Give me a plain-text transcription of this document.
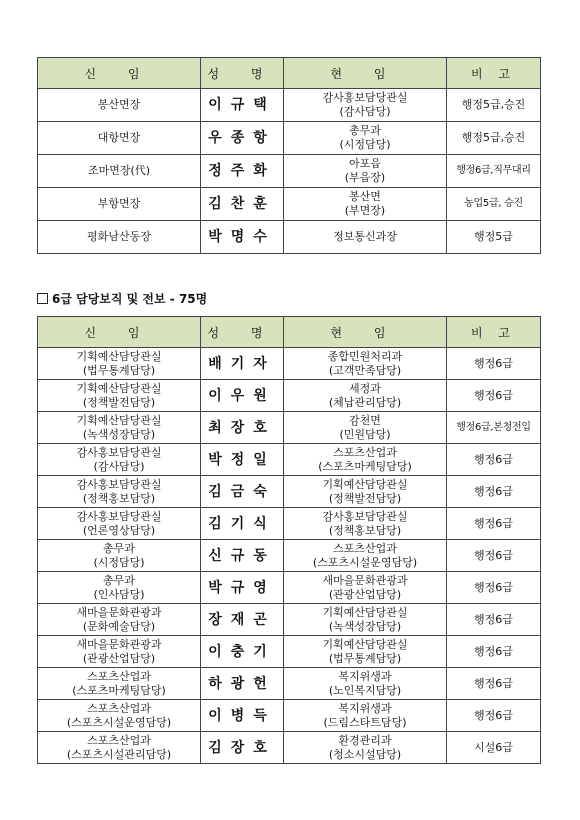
신 임	성 명	현 임	비 고

봉산면장	이규택	감사홍보담당관실
(감사담당)	행정5급,승진

대항면장	우종항	총무과
(시정담당)	행정5급,승진

조마면장(代)	정주화	아포읍
(부읍장)	행정6급,직무대리

부항면장	김찬훈	봉산면
(부면장)	농업5급, 승진

평화남산동장	박명수	정보통신과장	행정5급
6급 담당보직 및 전보 - 75명
신 임	성 명	현 임	비 고

기획예산담당관실
(법무통계담당)	배기자	종합민원처리과
(고객만족담당)	행정6급

기획예산담당관실
(정책발전담당)	이우원	세정과
(체납관리담당)	행정6급

기획예산담당관실
(녹색성장담당)	최장호	감천면
(민원담당)	행정6급,본청전입

감사홍보담당관실
(감사담당)	박정일	스포츠산업과
(스포츠마케팅담당)	행정6급

감사홍보담당관실
(정책홍보담당)	김금숙	기획예산담당관실
(정책발전담당)	행정6급

감사홍보담당관실
(언론영상담당)	김기식	감사홍보담당관실
(정책홍보담당)	행정6급

총무과
(시정담당)	신규동	스포츠산업과
(스포츠시설운영담당)	행정6급

총무과
(인사담당)	박규영	새마을문화관광과
(관광산업담당)	행정6급

새마을문화관광과
(문화예술담당)	장재곤	기획예산담당관실
(녹색성장담당)	행정6급

새마을문화관광과
(관광산업담당)	이충기	기획예산담당관실
(법무통계담당)	행정6급

스포츠산업과
(스포츠마케팅담당)	하광헌	복지위생과
(노인복지담당)	행정6급

스포츠산업과
(스포츠시설운영담당)	이병득	복지위생과
(드림스타트담당)	행정6급

스포츠산업과
(스포츠시설관리담당)	김장호	환경관리과
(청소시설담당)	시설6급
